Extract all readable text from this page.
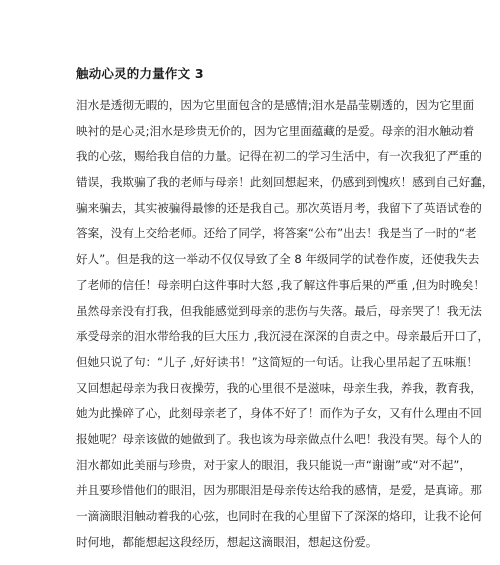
触动心灵的力量作文 3
泪水是透彻无暇的，因为它里面包含的是感情;泪水是晶莹剔透的，因为它里面
映衬的是心灵;泪水是珍贵无价的，因为它里面蕴藏的是爱。母亲的泪水触动着
我的心弦，赐给我自信的力量。记得在初二的学习生活中，有一次我犯了严重的
错误，我欺骗了我的老师与母亲！此刻回想起来，仍感到到愧疚！感到自己好蠢，
骗来骗去，其实被骗得最惨的还是我自己。那次英语月考，我留下了英语试卷的
答案，没有上交给老师。还给了同学，将答案“公布”出去！我是当了一时的“老
好人”。但是我的这一举动不仅仅导致了全 8 年级同学的试卷作废，还使我失去
了老师的信任！母亲明白这件事时大怒 ,我了解这件事后果的严重 ,但为时晚矣！
虽然母亲没有打我，但我能感觉到母亲的悲伤与失落。最后，母亲哭了！我无法
承受母亲的泪水带给我的巨大压力 ,我沉浸在深深的自责之中。母亲最后开口了，
但她只说了句：“儿子 ,好好读书！”这简短的一句话。让我心里吊起了五味瓶！
又回想起母亲为我日夜操劳，我的心里很不是滋味，母亲生我，养我，教育我，
她为此操碎了心，此刻母亲老了，身体不好了！而作为子女，又有什么理由不回
报她呢？母亲该做的她做到了。我也该为母亲做点什么吧！我没有哭。每个人的
泪水都如此美丽与珍贵，对于家人的眼泪，我只能说一声“谢谢”或“对不起”，
并且要珍惜他们的眼泪，因为那眼泪是母亲传达给我的感情，是爱，是真谛。那
一滴滴眼泪触动着我的心弦，也同时在我的心里留下了深深的烙印，让我不论何
时何地，都能想起这段经历，想起这滴眼泪，想起这份爱。
